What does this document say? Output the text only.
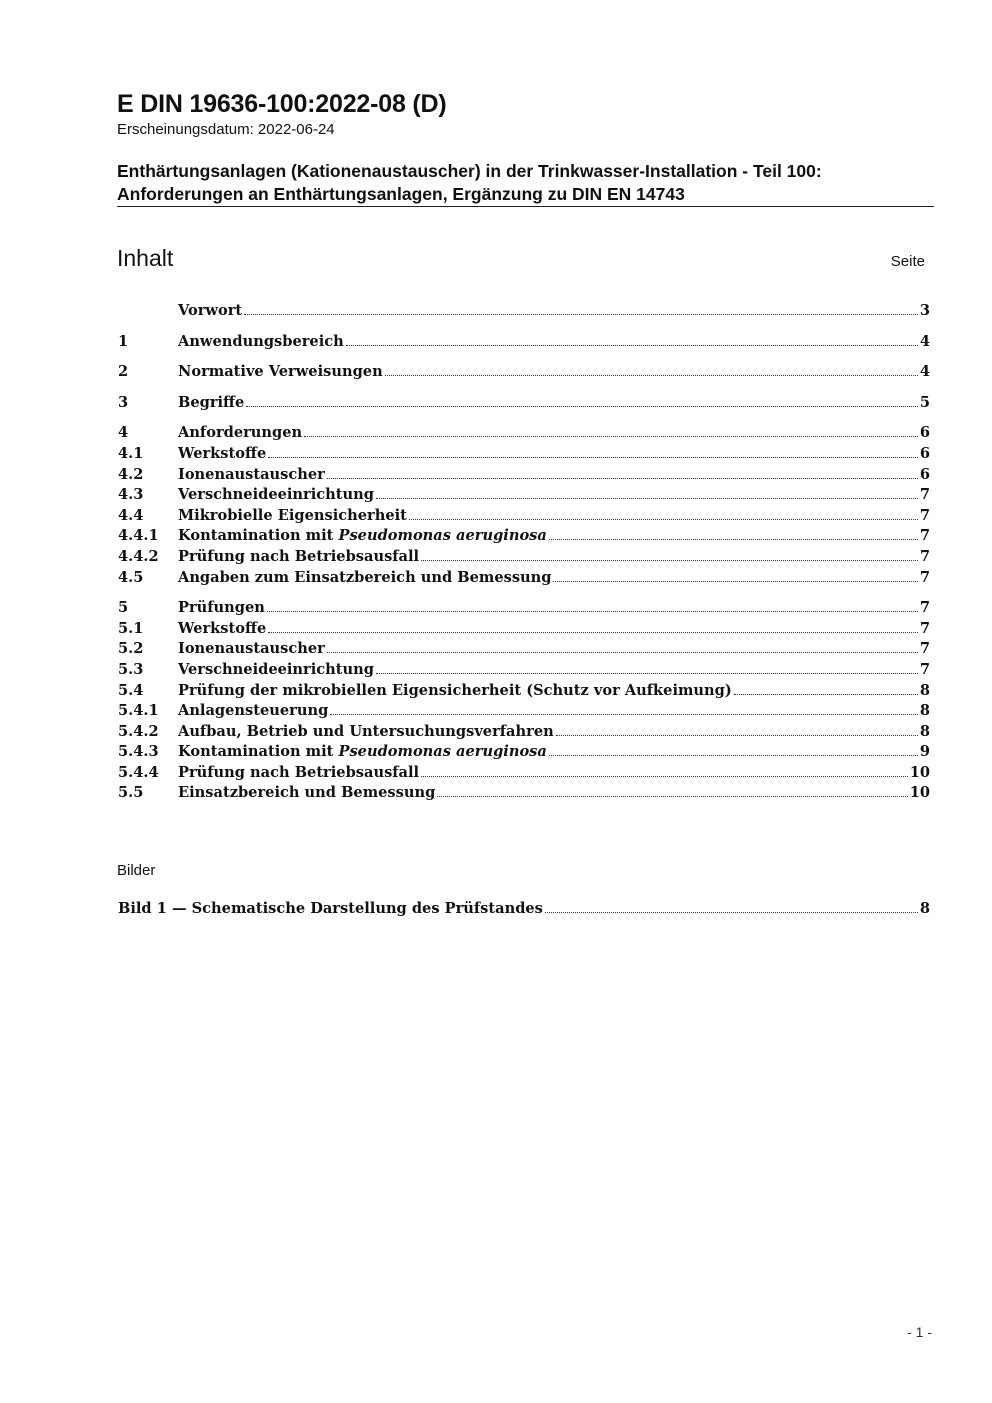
E DIN 19636-100:2022-08 (D)
Erscheinungsdatum: 2022-06-24
Enthärtungsanlagen (Kationenaustauscher) in der Trinkwasser-Installation - Teil 100:
Anforderungen an Enthärtungsanlagen, Ergänzung zu DIN EN 14743
Inhalt	Seite
Vorwort	3
1	Anwendungsbereich	4
2	Normative Verweisungen	4
3	Begriffe	5
4	Anforderungen	6
4.1	Werkstoffe	6
4.2	Ionenaustauscher	6
4.3	Verschneideeinrichtung	7
4.4	Mikrobielle Eigensicherheit	7
4.4.1	Kontamination mit Pseudomonas aeruginosa	7
4.4.2	Prüfung nach Betriebsausfall	7
4.5	Angaben zum Einsatzbereich und Bemessung	7
5	Prüfungen	7
5.1	Werkstoffe	7
5.2	Ionenaustauscher	7
5.3	Verschneideeinrichtung	7
5.4	Prüfung der mikrobiellen Eigensicherheit (Schutz vor Aufkeimung)	8
5.4.1	Anlagensteuerung	8
5.4.2	Aufbau, Betrieb und Untersuchungsverfahren	8
5.4.3	Kontamination mit Pseudomonas aeruginosa	9
5.4.4	Prüfung nach Betriebsausfall	10
5.5	Einsatzbereich und Bemessung	10
Bilder
Bild 1 — Schematische Darstellung des Prüfstandes	8
- 1 -
